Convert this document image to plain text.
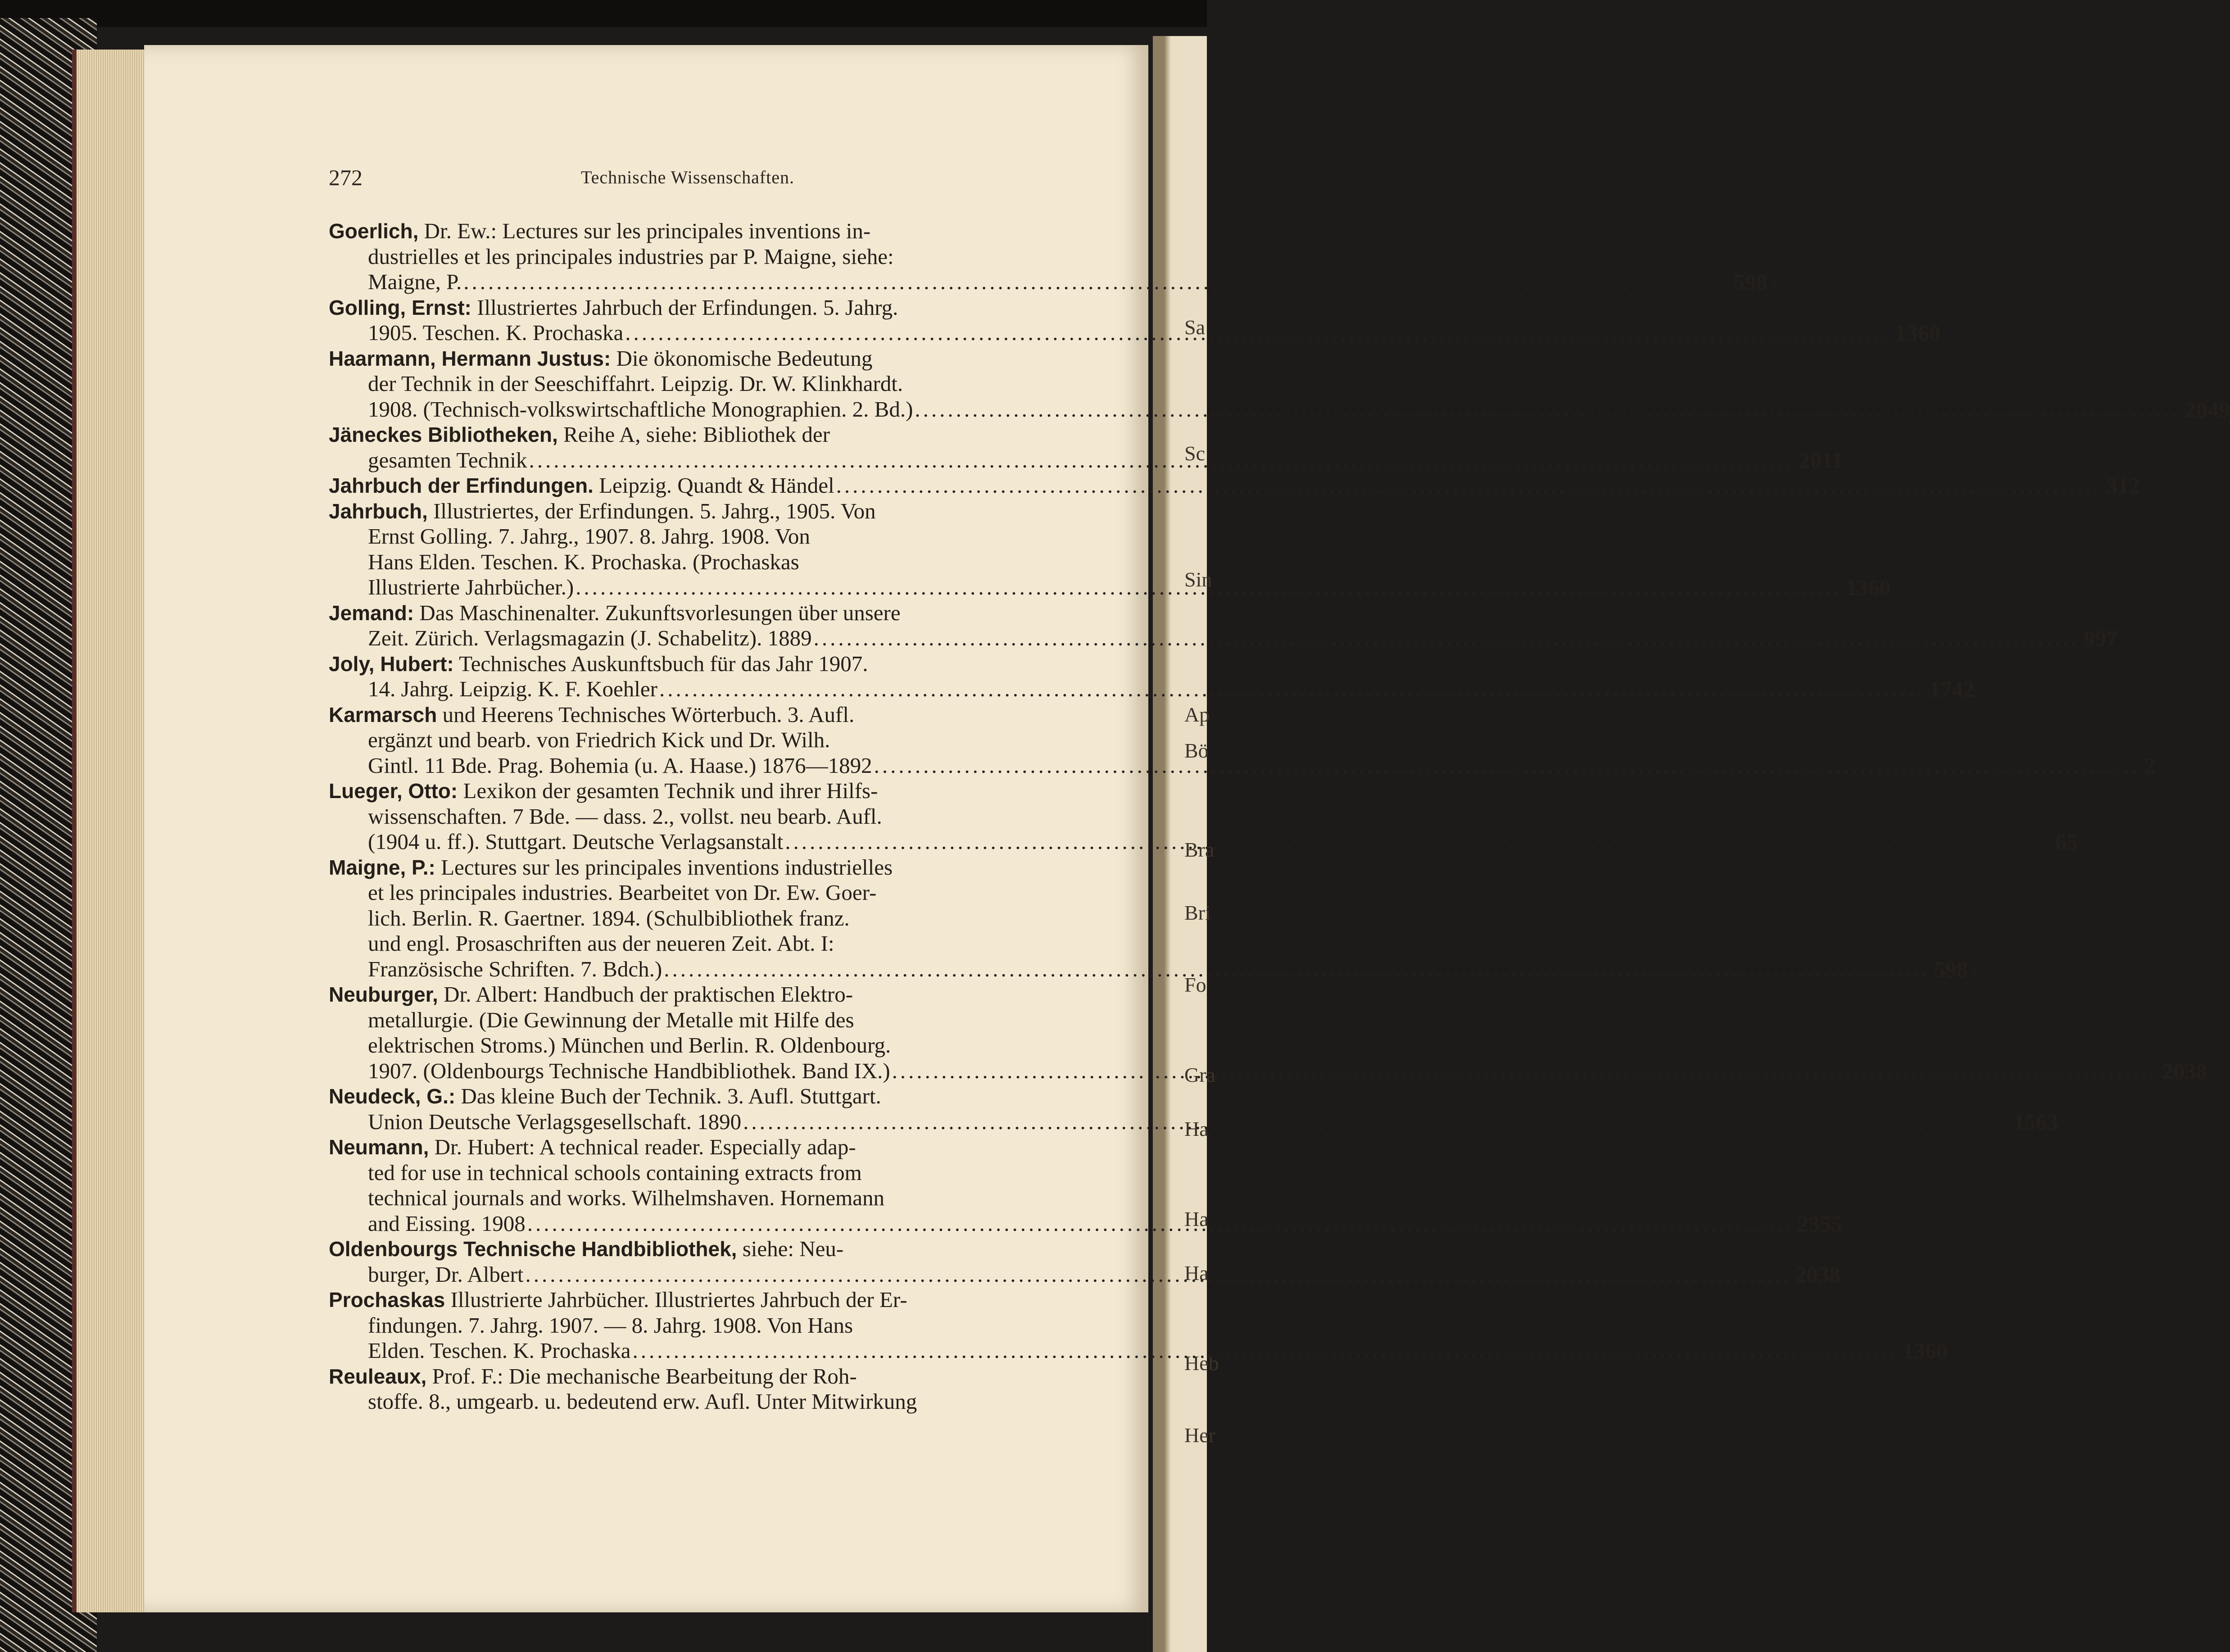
Sa
Sc
Sin
Ap
Bö
Bra
Bri
Fo
Gra
Ha
Ha
Ha
Heb
Her
272	Technische Wissenschaften.
Goerlich, Dr. Ew.: Lectures sur les principales inventions in-
dustrielles et les principales industries par P. Maigne, siehe:
Maigne, P. .....	598 7
Golling, Ernst: Illustriertes Jahrbuch der Erfindungen. 5. Jahrg.
1905. Teschen. K. Prochaska .....	1360
Haarmann, Hermann Justus: Die ökonomische Bedeutung
der Technik in der Seeschiffahrt. Leipzig. Dr. W. Klinkhardt.
1908. (Technisch-volkswirtschaftliche Monographien. 2. Bd.) .....	2049
Jäneckes Bibliotheken, Reihe A, siehe: Bibliothek der
gesamten Technik .....	2011
Jahrbuch der Erfindungen. Leipzig. Quandt & Händel .....	312
Jahrbuch, Illustriertes, der Erfindungen. 5. Jahrg., 1905. Von
Ernst Golling. 7. Jahrg., 1907. 8. Jahrg. 1908. Von
Hans Elden. Teschen. K. Prochaska. (Prochaskas
Illustrierte Jahrbücher.) .....	1360
Jemand: Das Maschinenalter. Zukunftsvorlesungen über unsere
Zeit. Zürich. Verlagsmagazin (J. Schabelitz). 1889 .....	997
Joly, Hubert: Technisches Auskunftsbuch für das Jahr 1907.
14. Jahrg. Leipzig. K. F. Koehler .....	1742
Karmarsch und Heerens Technisches Wörterbuch. 3. Aufl.
ergänzt und bearb. von Friedrich Kick und Dr. Wilh.
Gintl. 11 Bde. Prag. Bohemia (u. A. Haase.) 1876—1892 .....	2
Lueger, Otto: Lexikon der gesamten Technik und ihrer Hilfs-
wissenschaften. 7 Bde. — dass. 2., vollst. neu bearb. Aufl.
(1904 u. ff.). Stuttgart. Deutsche Verlagsanstalt .....	65
Maigne, P.: Lectures sur les principales inventions industrielles
et les principales industries. Bearbeitet von Dr. Ew. Goer-
lich. Berlin. R. Gaertner. 1894. (Schulbibliothek franz.
und engl. Prosaschriften aus der neueren Zeit. Abt. I:
Französische Schriften. 7. Bdch.) .....	598 7
Neuburger, Dr. Albert: Handbuch der praktischen Elektro-
metallurgie. (Die Gewinnung der Metalle mit Hilfe des
elektrischen Stroms.) München und Berlin. R. Oldenbourg.
1907. (Oldenbourgs Technische Handbibliothek. Band IX.) .....	2038
Neudeck, G.: Das kleine Buch der Technik. 3. Aufl. Stuttgart.
Union Deutsche Verlagsgesellschaft. 1890 .....	1563
Neumann, Dr. Hubert: A technical reader. Especially adap-
ted for use in technical schools containing extracts from
technical journals and works. Wilhelmshaven. Hornemann
and Eissing. 1908 .....	2355
Oldenbourgs Technische Handbibliothek, siehe: Neu-
burger, Dr. Albert .....	2038
Prochaskas Illustrierte Jahrbücher. Illustriertes Jahrbuch der Er-
findungen. 7. Jahrg. 1907. — 8. Jahrg. 1908. Von Hans
Elden. Teschen. K. Prochaska .....	1360
Reuleaux, Prof. F.: Die mechanische Bearbeitung der Roh-
stoffe. 8., umgearb. u. bedeutend erw. Aufl. Unter Mitwirkung
